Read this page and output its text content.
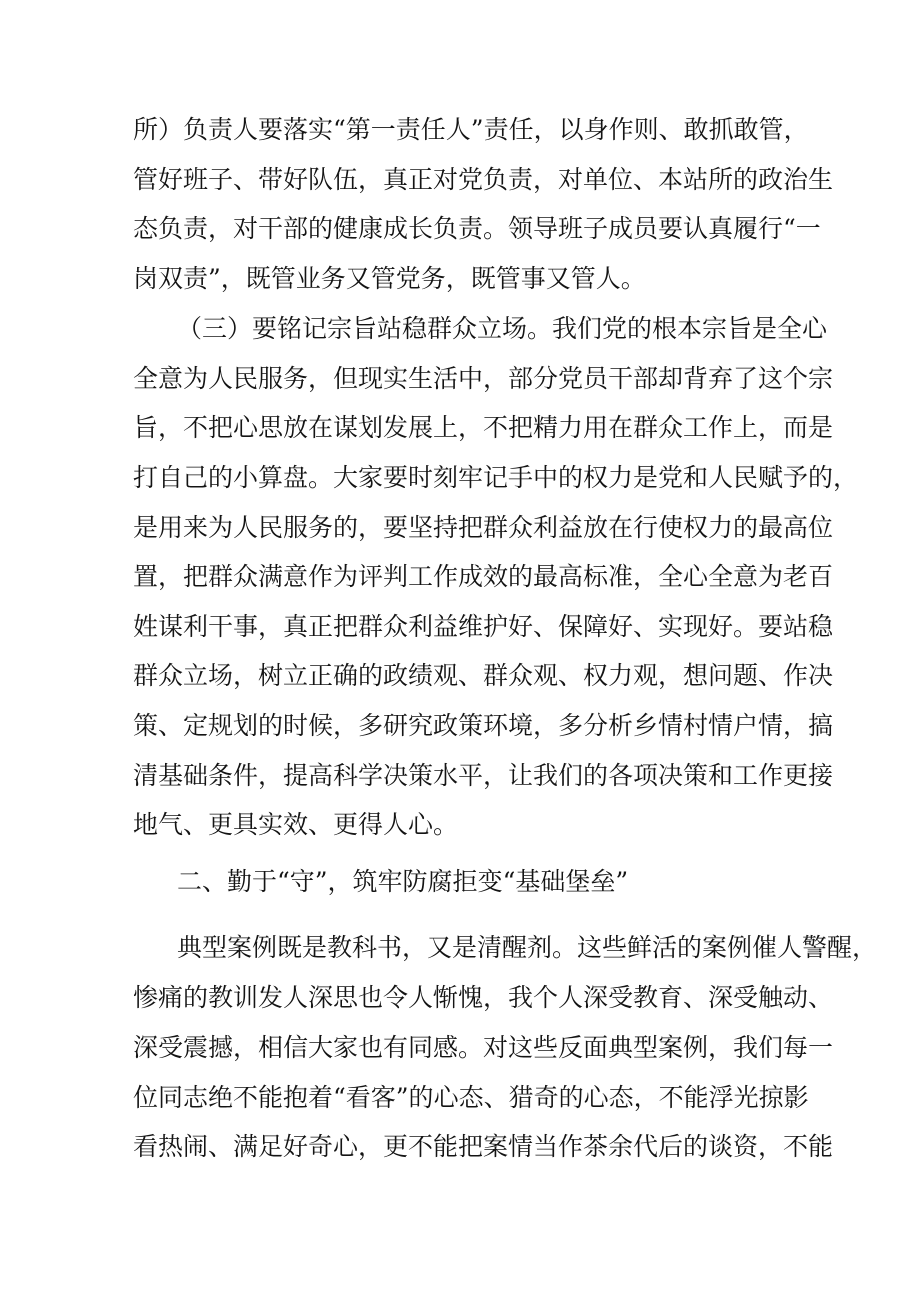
所）负责人要落实“第一责任人”责任，以身作则、敢抓敢管，
管好班子、带好队伍，真正对党负责，对单位、本站所的政治生
态负责，对干部的健康成长负责。领导班子成员要认真履行“一
岗双责”，既管业务又管党务，既管事又管人。
（三）要铭记宗旨站稳群众立场。我们党的根本宗旨是全心
全意为人民服务，但现实生活中，部分党员干部却背弃了这个宗
旨，不把心思放在谋划发展上，不把精力用在群众工作上，而是
打自己的小算盘。大家要时刻牢记手中的权力是党和人民赋予的，
是用来为人民服务的，要坚持把群众利益放在行使权力的最高位
置，把群众满意作为评判工作成效的最高标准，全心全意为老百
姓谋利干事，真正把群众利益维护好、保障好、实现好。要站稳
群众立场，树立正确的政绩观、群众观、权力观，想问题、作决
策、定规划的时候，多研究政策环境，多分析乡情村情户情，搞
清基础条件，提高科学决策水平，让我们的各项决策和工作更接
地气、更具实效、更得人心。
二、勤于“守”，筑牢防腐拒变“基础堡垒”
典型案例既是教科书，又是清醒剂。这些鲜活的案例催人警醒，
惨痛的教训发人深思也令人惭愧，我个人深受教育、深受触动、
深受震撼，相信大家也有同感。对这些反面典型案例，我们每一
位同志绝不能抱着“看客”的心态、猎奇的心态，不能浮光掠影
看热闹、满足好奇心，更不能把案情当作茶余代后的谈资，不能
